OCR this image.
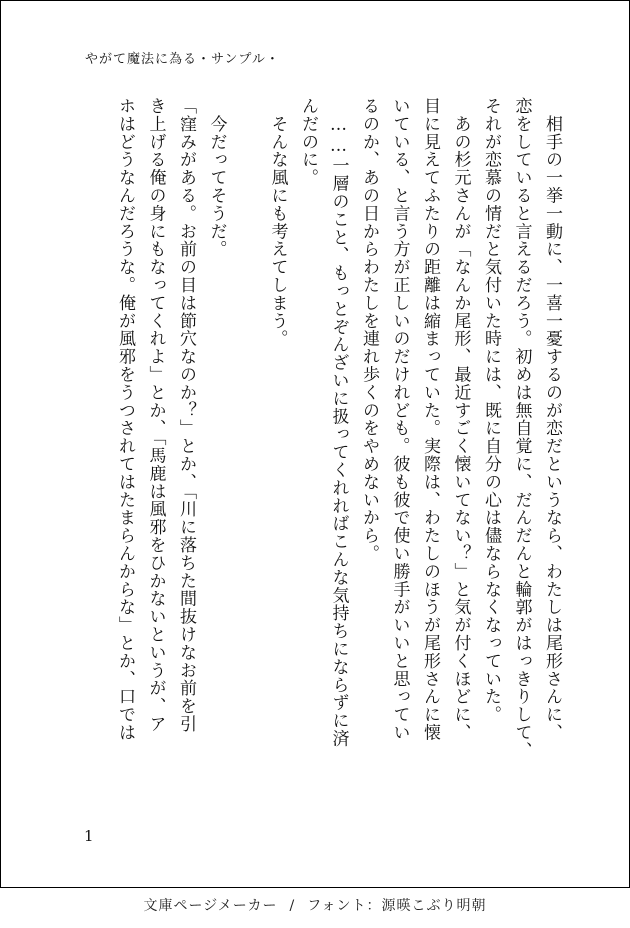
やがて魔法に為る・サンプル・
　相手の一挙一動に、一喜一憂するのが恋だというなら、わたしは尾形さんに、
恋をしていると言えるだろう。初めは無自覚に、だんだんと輪郭がはっきりして、
それが恋慕の情だと気付いた時には、既に自分の心は儘ならなくなっていた。
　あの杉元さんが「なんか尾形、最近すごく懐いてない？」と気が付くほどに、
目に見えてふたりの距離は縮まっていた。実際は、わたしのほうが尾形さんに懐
いている、と言う方が正しいのだけれども。彼も彼で使い勝手がいいと思ってい
るのか、あの日からわたしを連れ歩くのをやめないから。
　……一層のこと、もっとぞんざいに扱ってくれればこんな気持ちにならずに済
んだのに。
　そんな風にも考えてしまう。
　今だってそうだ。
「窪みがある。お前の目は節穴なのか？」とか、「川に落ちた間抜けなお前を引
き上げる俺の身にもなってくれよ」とか、「馬鹿は風邪をひかないというが、ア
ホはどうなんだろうな。俺が風邪をうつされてはたまらんからな」とか、口では
1
文庫ページメーカー / フォント：源暎こぶり明朝
